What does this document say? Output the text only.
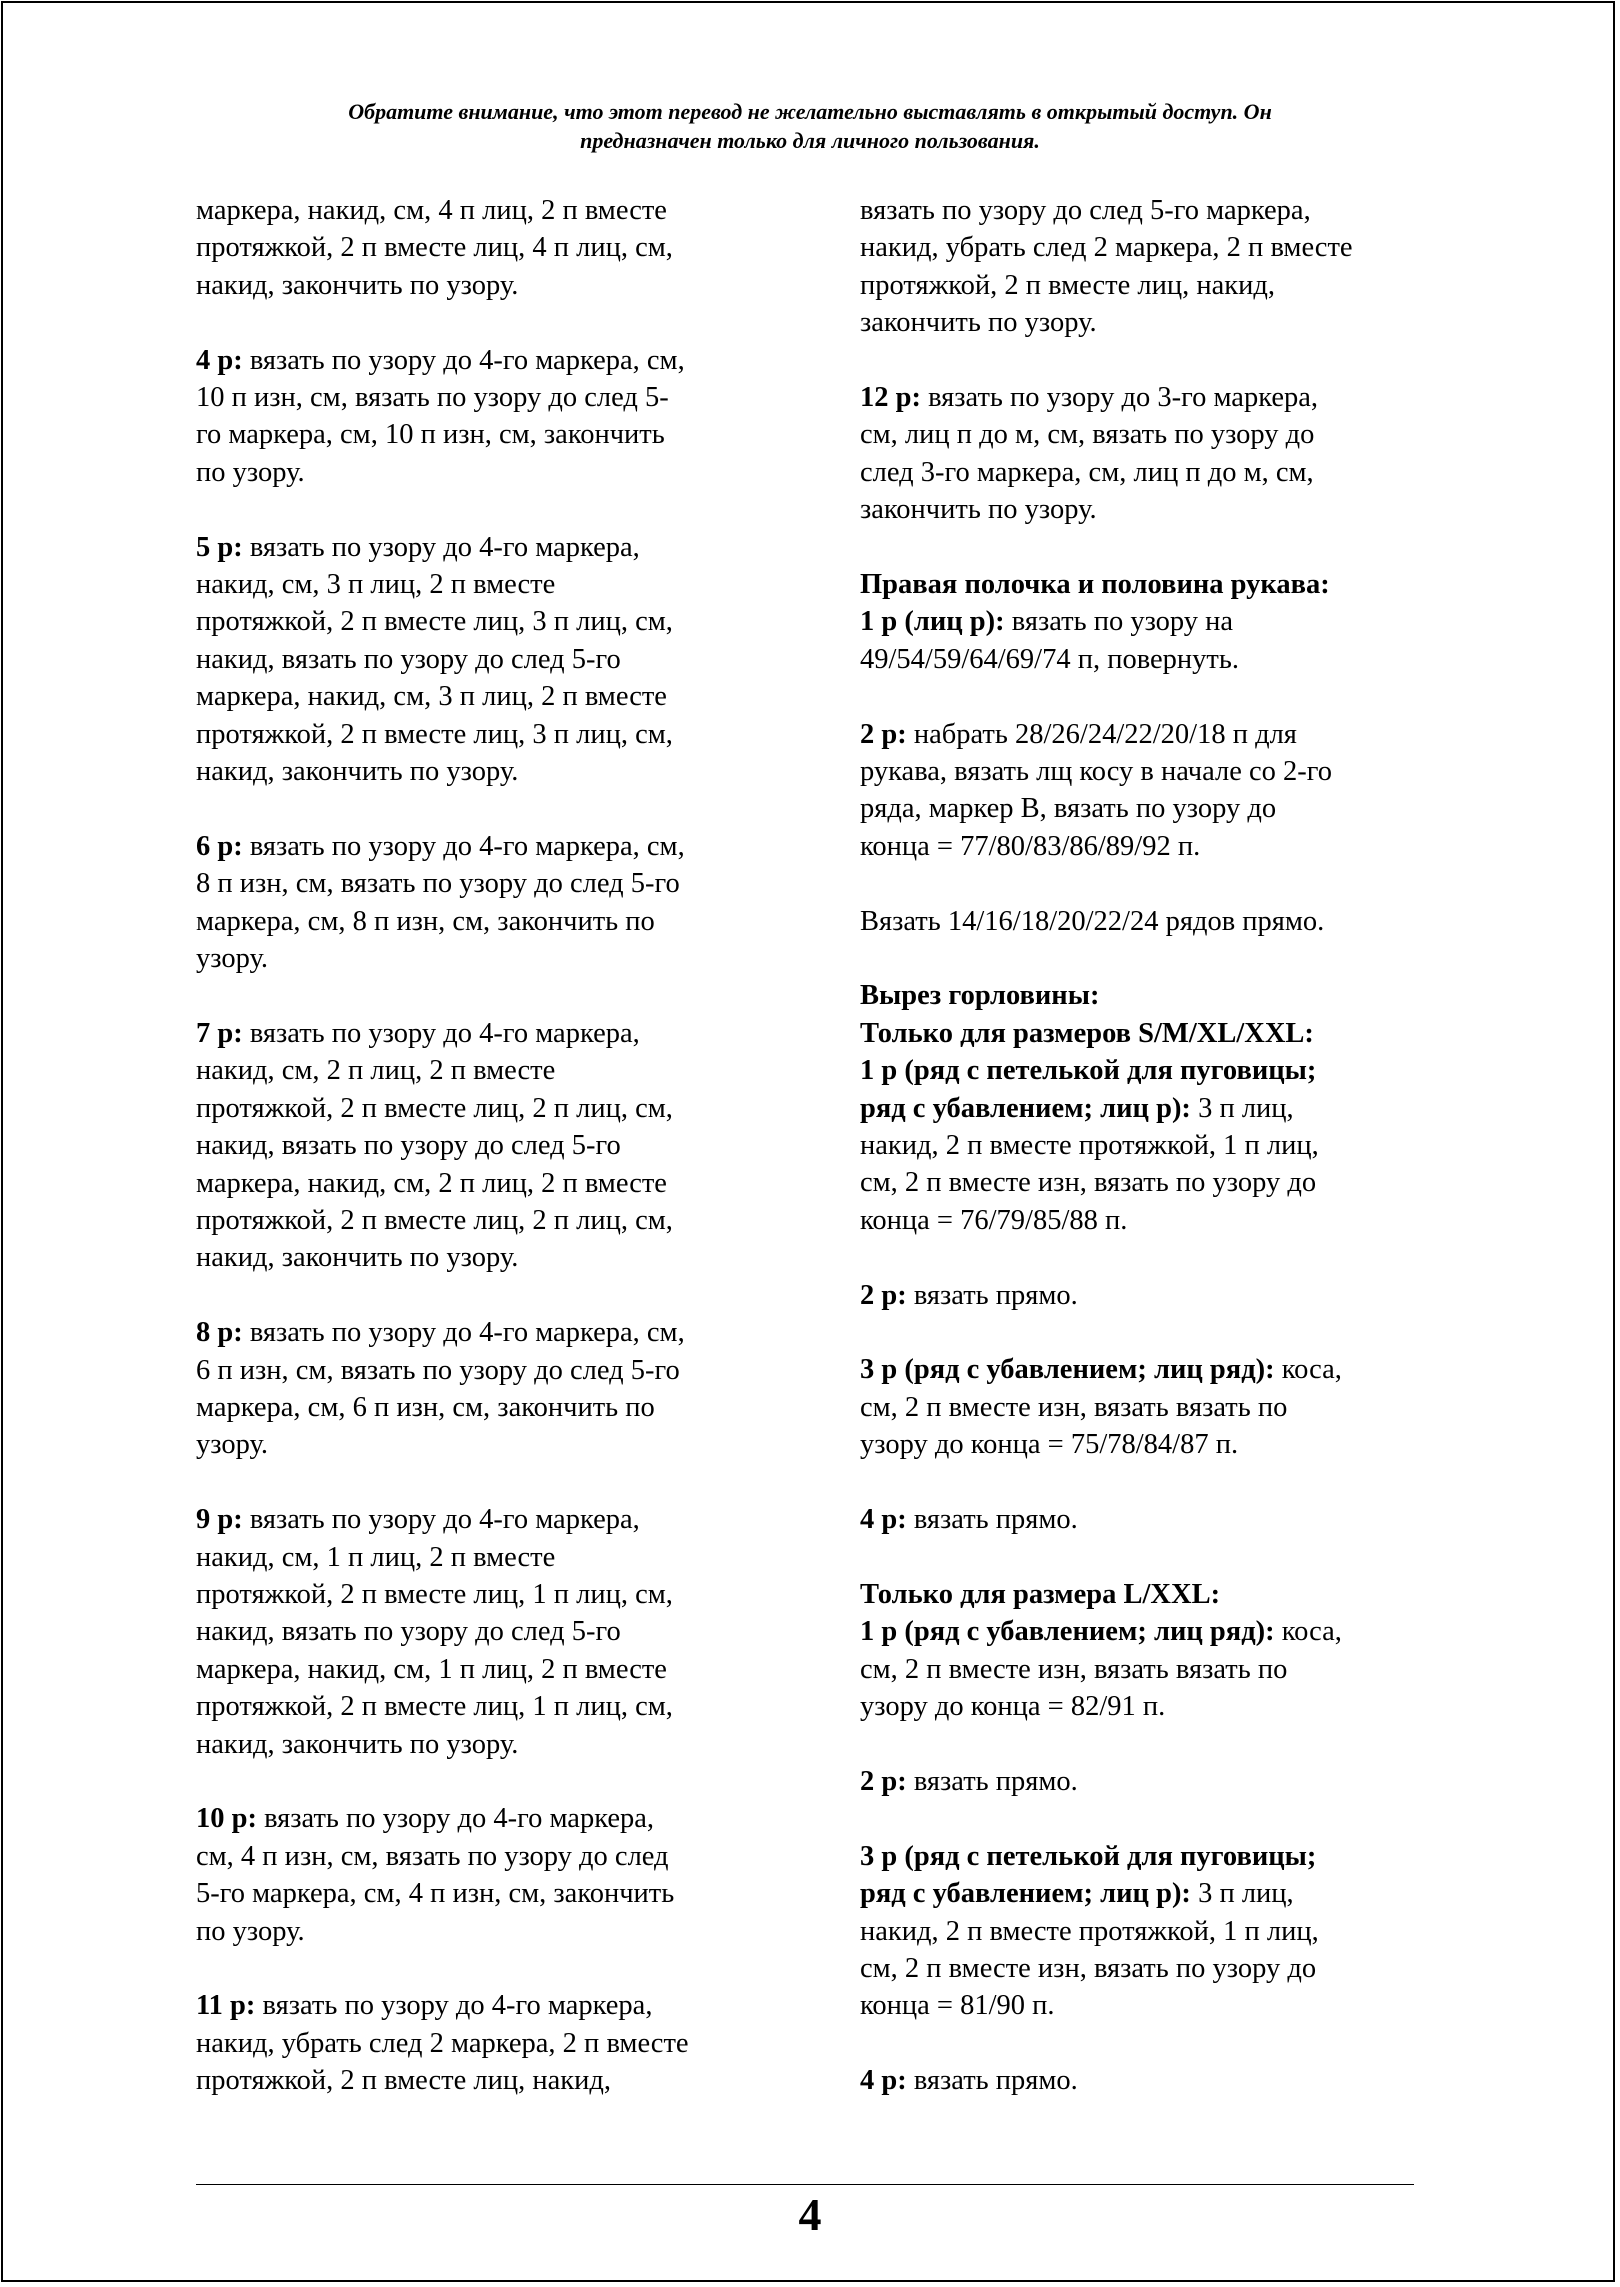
Обратите внимание, что этот перевод не желательно выставлять в открытый доступ. Он
предназначен только для личного пользования.
маркера, накид, см, 4 п лиц, 2 п вместе
протяжкой, 2 п вместе лиц, 4 п лиц, см,
накид, закончить по узору.
4 р: вязать по узору до 4-го маркера, см,
10 п изн, см, вязать по узору до след 5-
го маркера, см, 10 п изн, см, закончить
по узору.
5 р: вязать по узору до 4-го маркера,
накид, см, 3 п лиц, 2 п вместе
протяжкой, 2 п вместе лиц, 3 п лиц, см,
накид, вязать по узору до след 5-го
маркера, накид, см, 3 п лиц, 2 п вместе
протяжкой, 2 п вместе лиц, 3 п лиц, см,
накид, закончить по узору.
6 р: вязать по узору до 4-го маркера, см,
8 п изн, см, вязать по узору до след 5-го
маркера, см, 8 п изн, см, закончить по
узору.
7 р: вязать по узору до 4-го маркера,
накид, см, 2 п лиц, 2 п вместе
протяжкой, 2 п вместе лиц, 2 п лиц, см,
накид, вязать по узору до след 5-го
маркера, накид, см, 2 п лиц, 2 п вместе
протяжкой, 2 п вместе лиц, 2 п лиц, см,
накид, закончить по узору.
8 р: вязать по узору до 4-го маркера, см,
6 п изн, см, вязать по узору до след 5-го
маркера, см, 6 п изн, см, закончить по
узору.
9 р: вязать по узору до 4-го маркера,
накид, см, 1 п лиц, 2 п вместе
протяжкой, 2 п вместе лиц, 1 п лиц, см,
накид, вязать по узору до след 5-го
маркера, накид, см, 1 п лиц, 2 п вместе
протяжкой, 2 п вместе лиц, 1 п лиц, см,
накид, закончить по узору.
10 р: вязать по узору до 4-го маркера,
см, 4 п изн, см, вязать по узору до след
5-го маркера, см, 4 п изн, см, закончить
по узору.
11 р: вязать по узору до 4-го маркера,
накид, убрать след 2 маркера, 2 п вместе
протяжкой, 2 п вместе лиц, накид,
вязать по узору до след 5-го маркера,
накид, убрать след 2 маркера, 2 п вместе
протяжкой, 2 п вместе лиц, накид,
закончить по узору.
12 р: вязать по узору до 3-го маркера,
см, лиц п до м, см, вязать по узору до
след 3-го маркера, см, лиц п до м, см,
закончить по узору.
Правая полочка и половина рукава:
1 р (лиц р): вязать по узору на
49/54/59/64/69/74 п, повернуть.
2 р: набрать 28/26/24/22/20/18 п для
рукава, вязать лщ косу в начале со 2-го
ряда, маркер В, вязать по узору до
конца = 77/80/83/86/89/92 п.
Вязать 14/16/18/20/22/24 рядов прямо.
Вырез горловины:
Только для размеров S/M/XL/XXL:
1 р (ряд с петелькой для пуговицы;
ряд с убавлением; лиц р): 3 п лиц,
накид, 2 п вместе протяжкой, 1 п лиц,
см, 2 п вместе изн, вязать по узору до
конца = 76/79/85/88 п.
2 р: вязать прямо.
3 р (ряд с убавлением; лиц ряд): коса,
см, 2 п вместе изн, вязать вязать по
узору до конца = 75/78/84/87 п.
4 р: вязать прямо.
Только для размера L/XXL:
1 р (ряд с убавлением; лиц ряд): коса,
см, 2 п вместе изн, вязать вязать по
узору до конца = 82/91 п.
2 р: вязать прямо.
3 р (ряд с петелькой для пуговицы;
ряд с убавлением; лиц р): 3 п лиц,
накид, 2 п вместе протяжкой, 1 п лиц,
см, 2 п вместе изн, вязать по узору до
конца = 81/90 п.
4 р: вязать прямо.
4
